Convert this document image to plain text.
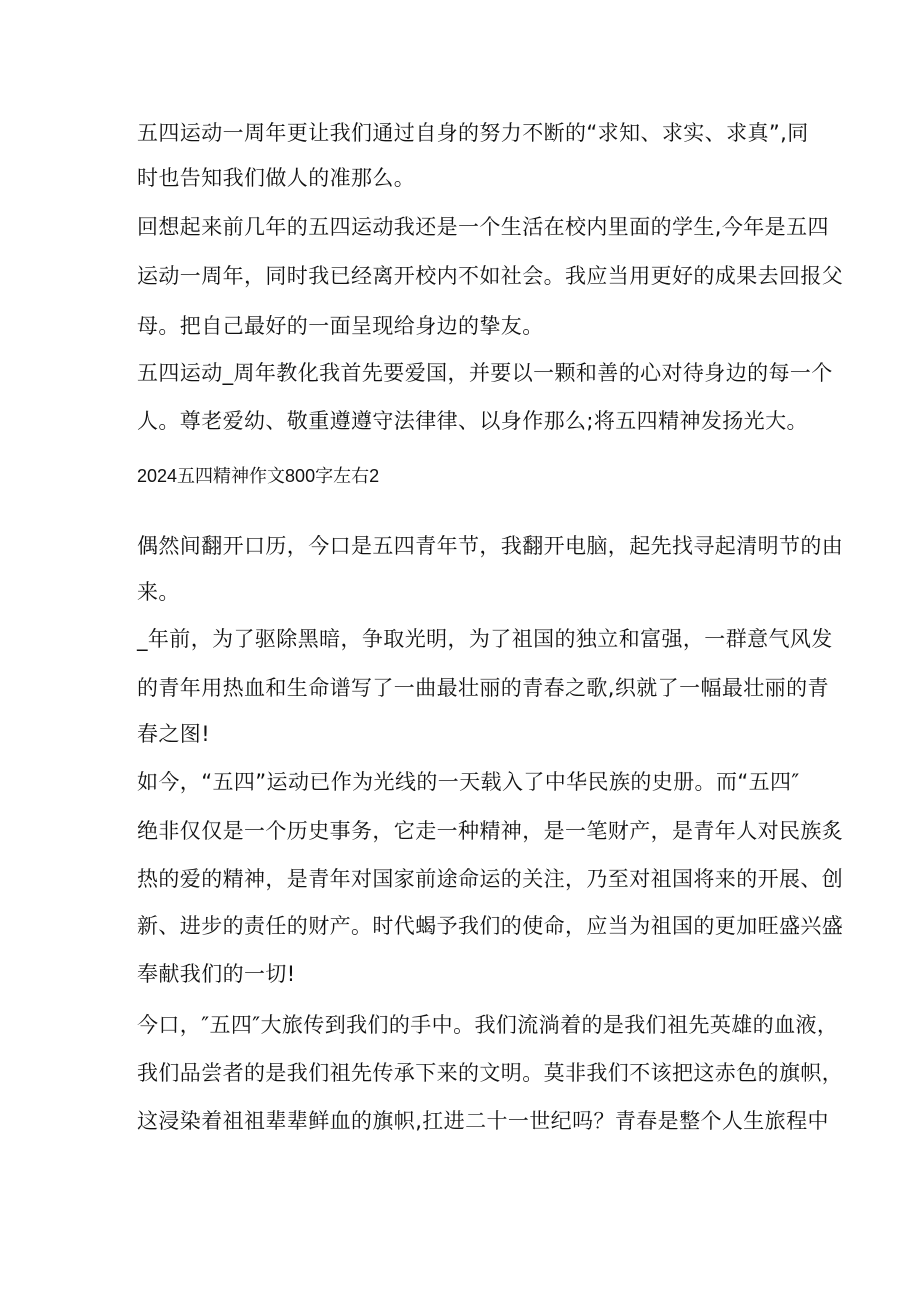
五四运动一周年更让我们通过自身的努力不断的“求知、求实、求真”,同
时也告知我们做人的准那么。
回想起来前几年的五四运动我还是一个生活在校内里面的学生,今年是五四
运动一周年，同时我已经离开校内不如社会。我应当用更好的成果去回报父
母。把自己最好的一面呈现给身边的挚友。
五四运动_周年教化我首先要爱国，并要以一颗和善的心对待身边的每一个
人。尊老爱幼、敬重遵遵守法律律、以身作那么;将五四精神发扬光大。
2024五四精神作文800字左右2
偶然间翻开口历，今口是五四青年节，我翻开电脑，起先找寻起清明节的由
来。
_年前，为了驱除黑暗，争取光明，为了祖国的独立和富强，一群意气风发
的青年用热血和生命谱写了一曲最壮丽的青春之歌,织就了一幅最壮丽的青
春之图!
如今，“五四”运动已作为光线的一天载入了中华民族的史册。而“五四″
绝非仅仅是一个历史事务，它走一种精神，是一笔财产，是青年人对民族炙
热的爱的精神，是青年对国家前途命运的关注，乃至对祖国将来的开展、创
新、进步的责任的财产。时代蝎予我们的使命，应当为祖国的更加旺盛兴盛
奉献我们的一切!
今口，″五四″大旅传到我们的手中。我们流淌着的是我们祖先英雄的血液，
我们品尝者的是我们祖先传承下来的文明。莫非我们不该把这赤色的旗帜，
这浸染着祖祖辈辈鲜血的旗帜,扛进二十一世纪吗？青春是整个人生旅程中
